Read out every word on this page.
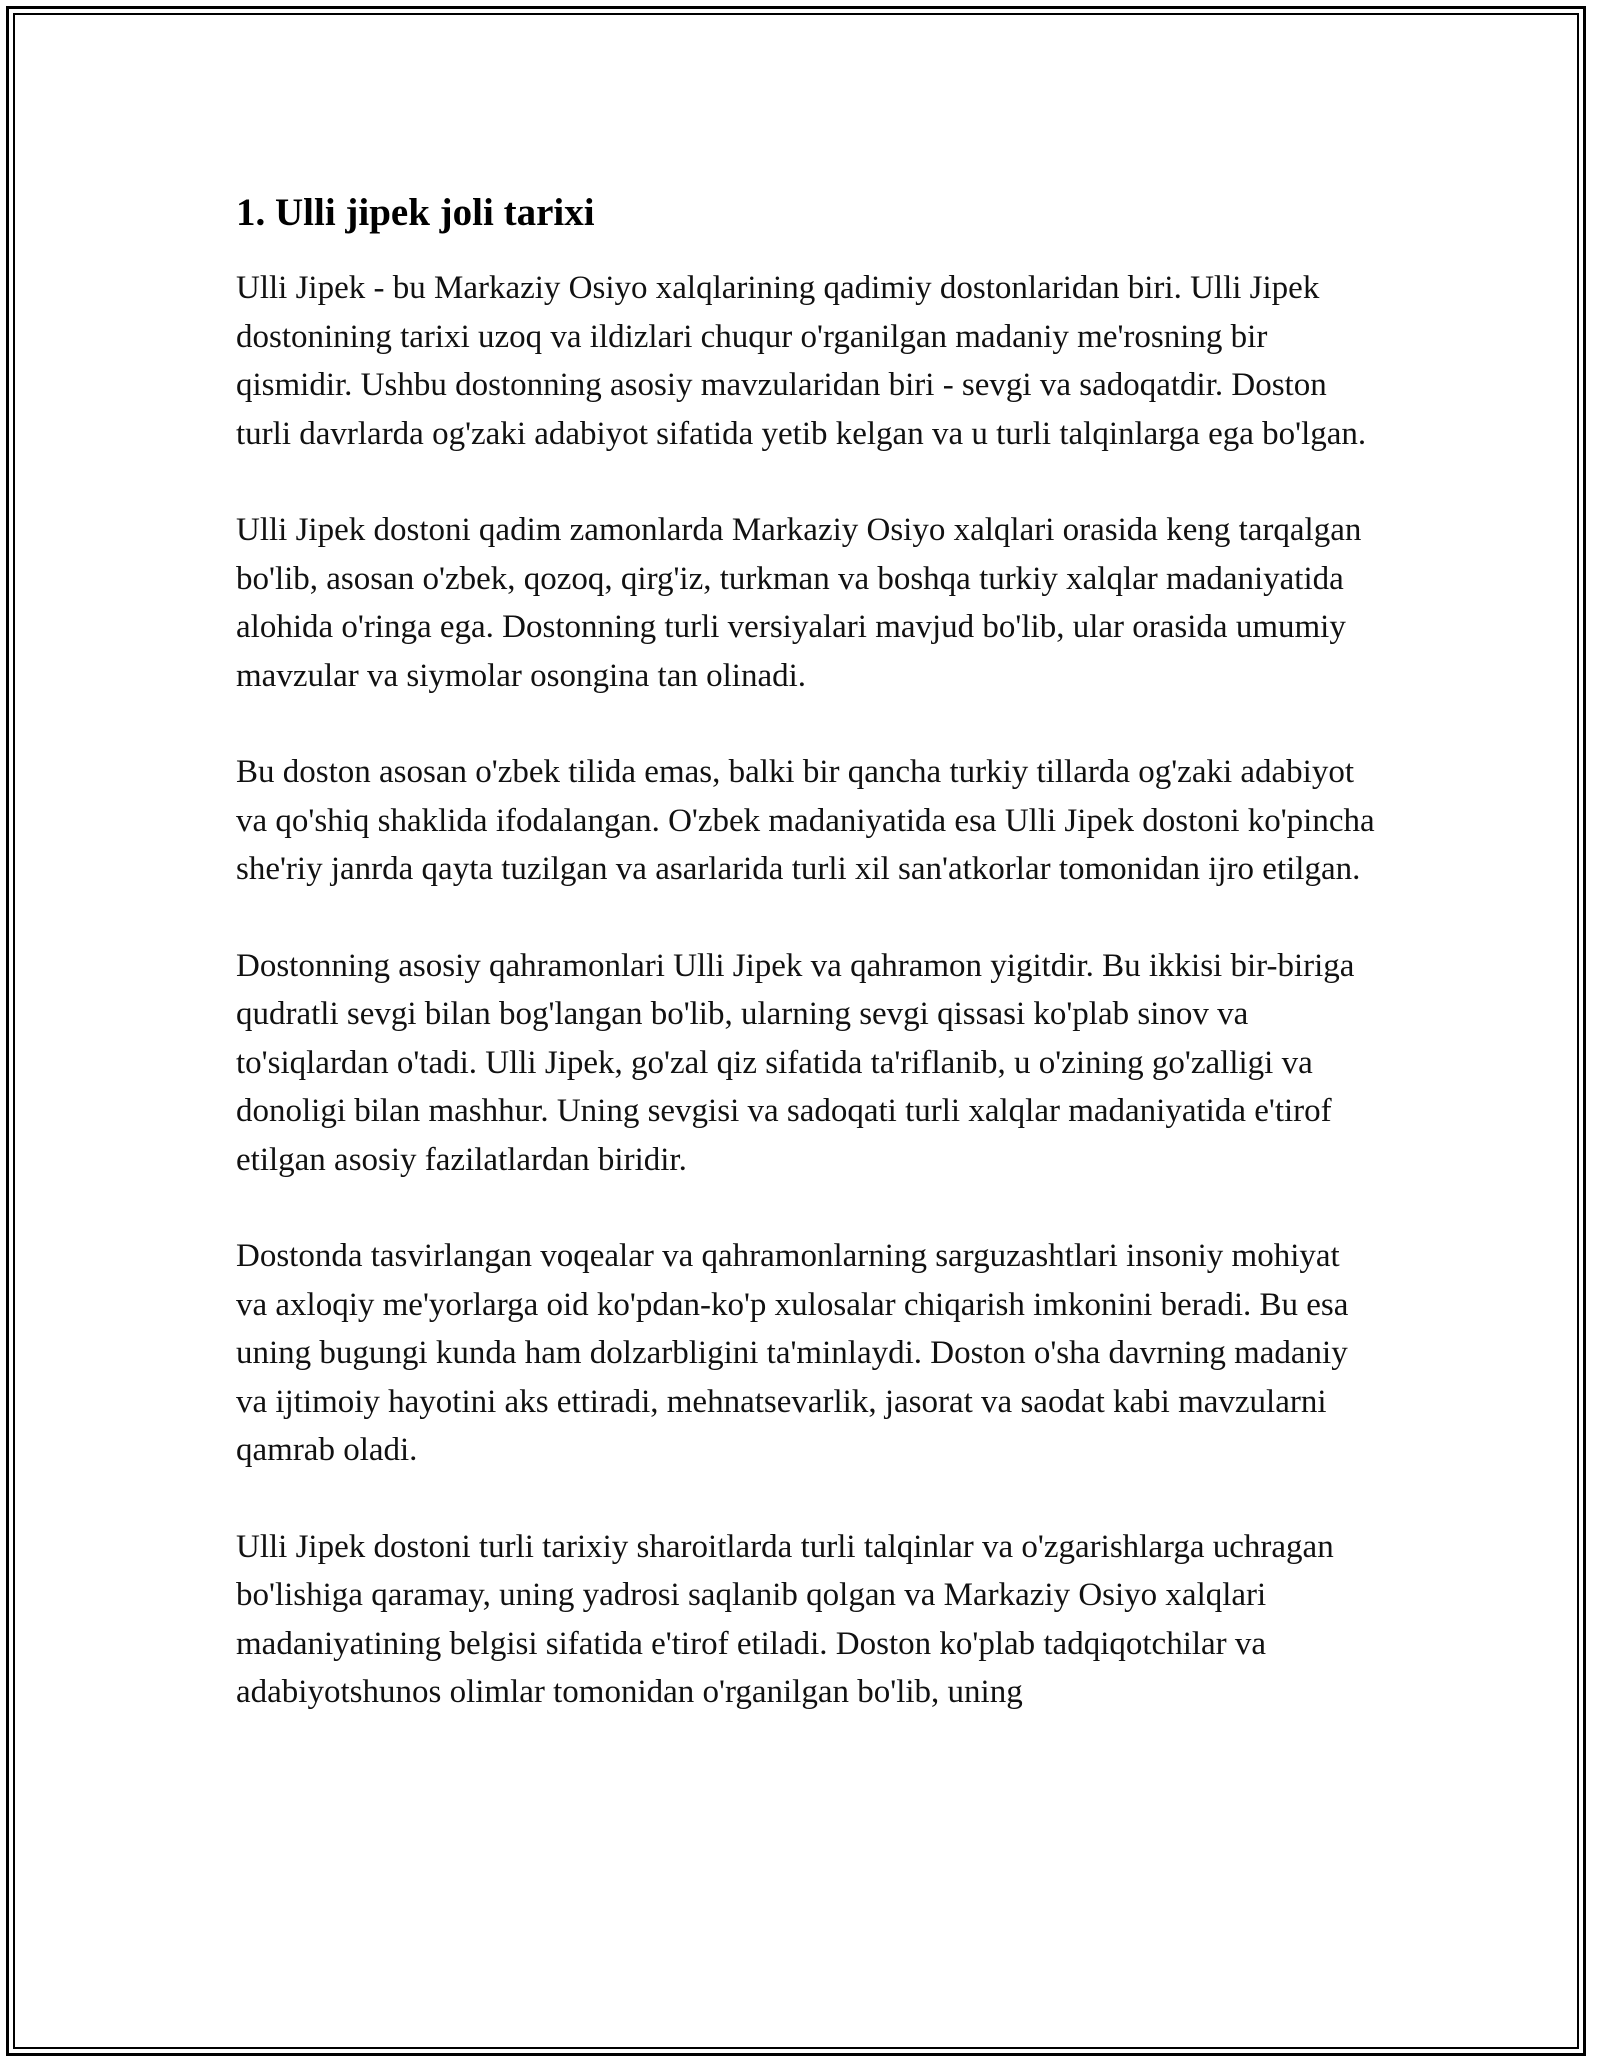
1. Ulli jipek joli tarixi

Ulli Jipek - bu Markaziy Osiyo xalqlarining qadimiy dostonlaridan biri. Ulli Jipek dostonining tarixi uzoq va ildizlari chuqur o'rganilgan madaniy me'rosning bir qismidir. Ushbu dostonning asosiy mavzularidan biri - sevgi va sadoqatdir. Doston turli davrlarda og'zaki adabiyot sifatida yetib kelgan va u turli talqinlarga ega bo'lgan.

Ulli Jipek dostoni qadim zamonlarda Markaziy Osiyo xalqlari orasida keng tarqalgan bo'lib, asosan o'zbek, qozoq, qirg'iz, turkman va boshqa turkiy xalqlar madaniyatida alohida o'ringa ega. Dostonning turli versiyalari mavjud bo'lib, ular orasida umumiy mavzular va siymolar osongina tan olinadi.

Bu doston asosan o'zbek tilida emas, balki bir qancha turkiy tillarda og'zaki adabiyot va qo'shiq shaklida ifodalangan. O'zbek madaniyatida esa Ulli Jipek dostoni ko'pincha she'riy janrda qayta tuzilgan va asarlarida turli xil san'atkorlar tomonidan ijro etilgan.

Dostonning asosiy qahramonlari Ulli Jipek va qahramon yigitdir. Bu ikkisi bir-biriga qudratli sevgi bilan bog'langan bo'lib, ularning sevgi qissasi ko'plab sinov va to'siqlardan o'tadi. Ulli Jipek, go'zal qiz sifatida ta'riflanib, u o'zining go'zalligi va donoligi bilan mashhur. Uning sevgisi va sadoqati turli xalqlar madaniyatida e'tirof etilgan asosiy fazilatlardan biridir.

Dostonda tasvirlangan voqealar va qahramonlarning sarguzashtlari insoniy mohiyat va axloqiy me'yorlarga oid ko'pdan-ko'p xulosalar chiqarish imkonini beradi. Bu esa uning bugungi kunda ham dolzarbligini ta'minlaydi. Doston o'sha davrning madaniy va ijtimoiy hayotini aks ettiradi, mehnatsevarlik, jasorat va saodat kabi mavzularni qamrab oladi.

Ulli Jipek dostoni turli tarixiy sharoitlarda turli talqinlar va o'zgarishlarga uchragan bo'lishiga qaramay, uning yadrosi saqlanib qolgan va Markaziy Osiyo xalqlari madaniyatining belgisi sifatida e'tirof etiladi. Doston ko'plab tadqiqotchilar va adabiyotshunos olimlar tomonidan o'rganilgan bo'lib, uning
